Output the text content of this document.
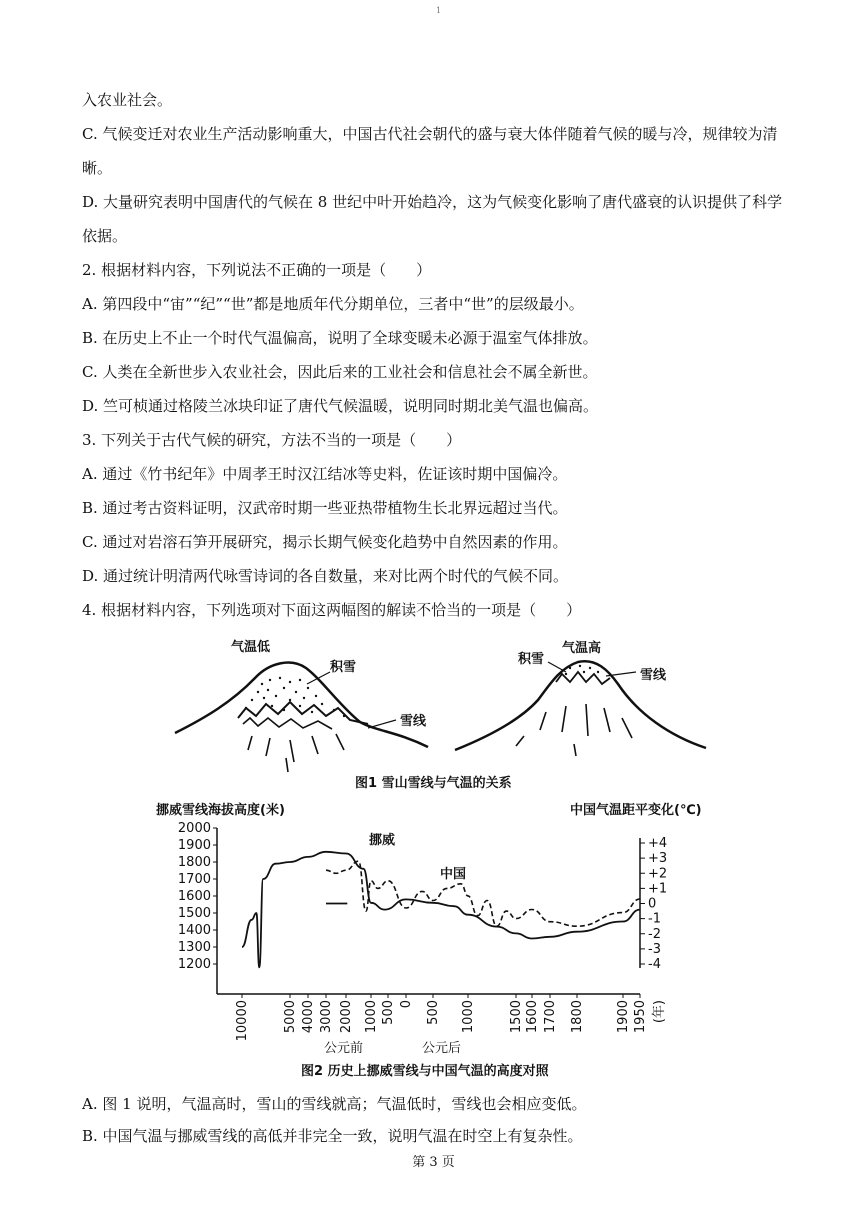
1
入农业社会。
C. 气候变迁对农业生产活动影响重大，中国古代社会朝代的盛与衰大体伴随着气候的暖与冷，规律较为清
晰。
D. 大量研究表明中国唐代的气候在 8 世纪中叶开始趋冷，这为气候变化影响了唐代盛衰的认识提供了科学
依据。
2. 根据材料内容，下列说法不正确的一项是（　　）
A. 第四段中“宙”“纪”“世”都是地质年代分期单位，三者中“世”的层级最小。
B. 在历史上不止一个时代气温偏高，说明了全球变暖未必源于温室气体排放。
C. 人类在全新世步入农业社会，因此后来的工业社会和信息社会不属全新世。
D. 竺可桢通过格陵兰冰块印证了唐代气候温暖，说明同时期北美气温也偏高。
3. 下列关于古代气候的研究，方法不当的一项是（　　）
A. 通过《竹书纪年》中周孝王时汉江结冰等史料，佐证该时期中国偏冷。
B. 通过考古资料证明，汉武帝时期一些亚热带植物生长北界远超过当代。
C. 通过对岩溶石笋开展研究，揭示长期气候变化趋势中自然因素的作用。
D. 通过统计明清两代咏雪诗词的各自数量，来对比两个时代的气候不同。
4. 根据材料内容，下列选项对下面这两幅图的解读不恰当的一项是（　　）
气温低
积雪
雪线
气温高
积雪
雪线
图1 雪山雪线与气温的关系
挪威雪线海拔高度(米)	中国气温距平变化(℃)
2000
1900
1800
1700
1600
1500
1400
1300
1200
+4
+3
+2
+1
0
-1
-2
-3
-4
10000	5000 4000 3000 2000 1000 500 0 500 1000	1500 1600 1700 1800 1900 1950 (年)
公元前	公元后
挪威
中国
图2 历史上挪威雪线与中国气温的高度对照
A. 图 1 说明，气温高时，雪山的雪线就高；气温低时，雪线也会相应变低。
B. 中国气温与挪威雪线的高低并非完全一致，说明气温在时空上有复杂性。
第 3 页
